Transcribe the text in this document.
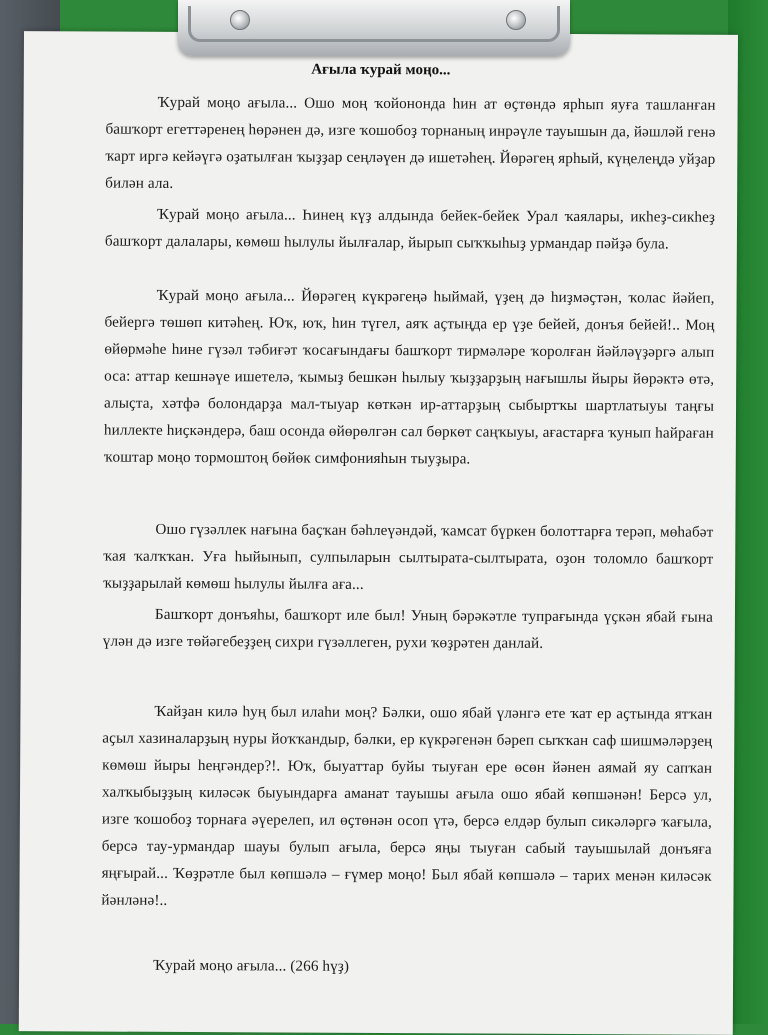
Ағыла ҡурай моңо...

Ҡурай моңо ағыла... Ошо моң ҡойононда һин ат өҫтөндә ярһып яуға ташланған башҡорт егеттәренең һөрәнен дә, изге ҡошобоҙ торнаның инрәүле тауышын да, йәшләй генә ҡарт иргә кейәүгә оҙатылған ҡыҙҙар сеңләүен дә ишетәһең. Йөрәгең ярһый, күңелеңдә уйҙар билән ала.

Ҡурай моңо ағыла... Һинең күҙ алдында бейек-бейек Урал ҡаялары, икһеҙ-сикһеҙ башҡорт далалары, көмөш һылулы йылғалар, йырып сыҡҡыһыҙ урмандар пәйҙә була.

Ҡурай моңо ағыла... Йөрәгең күкрәгеңә һыймай, үҙең дә һиҙмәҫтән, ҡолас йәйеп, бейергә төшөп китәһең. Юҡ, юҡ, һин түгел, аяҡ аҫтыңда ер үҙе бейей, донъя бейей!.. Моң өйөрмәһе һине гүзәл тәбиғәт ҡосағындағы башҡорт тирмәләре ҡоролған йәйләүҙәргә алып оса: аттар кешнәүе ишетелә, ҡымыҙ бешкән һылыу ҡыҙҙарҙың нағышлы йыры йөрәктә өтә, алыҫта, хәтфә болондарҙа мал-тыуар көткән ир-аттарҙың сыбыртҡы шартлатыуы таңғы һиллекте һиҫкәндерә, баш осонда өйөрөлгән сал бөркөт саңҡыуы, ағастарға ҡунып һайраған ҡоштар моңо тормоштоң бөйөк симфонияһын тыуҙыра.

Ошо гүзәллек нағына баҫҡан бәһлеүәндәй, ҡамсат бүркен болоттарға терәп, мөһабәт ҡая ҡалҡҡан. Уға һыйынып, сулпыларын сылтырата-сылтырата, оҙон толомло башҡорт ҡыҙҙарылай көмөш һылулы йылға аға...

Башҡорт донъяһы, башҡорт иле был! Уның бәрәкәтле тупрағында үҫкән ябай ғына үлән дә изге төйәгебеҙҙең сихри гүзәллеген, рухи ҡөҙрәтен данлай.

Ҡайҙан килә һуң был илаһи моң? Бәлки, ошо ябай үләнгә ете ҡат ер аҫтында ятҡан аҫыл хазиналарҙың нуры йоҡҡандыр, бәлки, ер күкрәгенән бәреп сыҡҡан саф шишмәләрҙең көмөш йыры һеңгәндер?!. Юҡ, быуаттар буйы тыуған ере өсөн йәнен аямай яу сапҡан халҡыбыҙҙың киләсәк быуындарға аманат тауышы ағыла ошо ябай көпшәнән! Берсә ул, изге ҡошобоҙ торнаға әүерелеп, ил өҫтөнән осоп үтә, берсә елдәр булып сикәләргә ҡағыла, берсә тау-урмандар шауы булып ағыла, берсә яңы тыуған сабый тауышылай донъяға яңғырай... Ҡөҙрәтле был көпшәлә – ғүмер моңо! Был ябай көпшәлә – тарих менән киләсәк йәнләнә!..

Ҡурай моңо ағыла... (266 һүҙ)
